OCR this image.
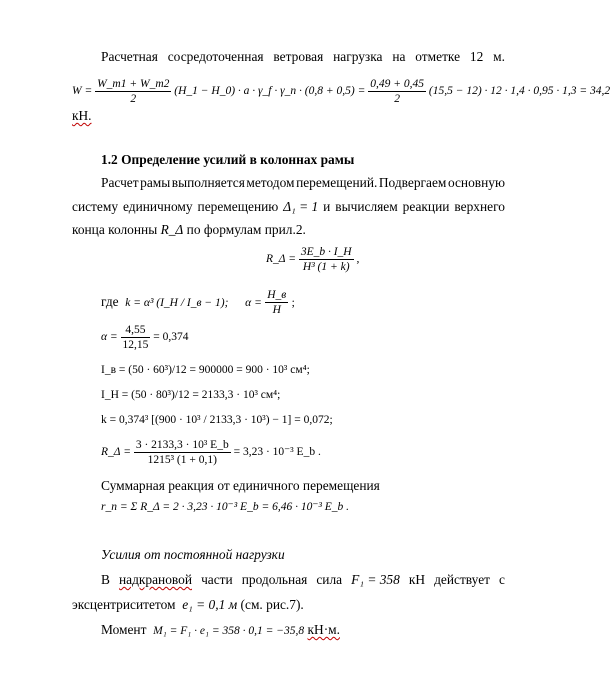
Расчетная сосредоточенная ветровая нагрузка на отметке 12 м.
$W = \frac{W\_m1 + W\_m2}{2}$ (H_1 − H_0) · a · γ_f · γ_n · $(0,8 + 0,5) = \frac{0,49 + 0,45}{2} (15,5 - 12) \cdot 12 \cdot 1,4 \cdot 0,95 \cdot 1,3 = 34,2$
кН.
1.2 Определение усилий в колоннах рамы
Расчет рамы выполняется методом перемещений. Подвергаем основную
систему единичному перемещению Δ₁ = 1 и вычисляем реакции верхнего
конца колонны R_Δ по формулам прил.2.
R_Δ = $\frac{3E\_b \cdot I\_H}{\text{H³ (1 + k)}}$ ,
где k = α³ (I_H / I_в − 1); $\alpha = \frac{H\_в}{H}$ ;
$\alpha = \frac{4,55}{12,15} = 0,374$
I_в = (50 · 60³)/12 = 900000 = 900 · 10³ см⁴;
I_H = (50 · 80³)/12 = 2133,3 · 10³ см⁴;
k = 0,374³ [(900 · 10³ / 2133,3 · 10³) − 1] = 0,072;
R_Δ = $\frac{\text{3 · 2133,3 · 10³ E\_b}}{\text{1215³ (1 + 0,1)}} = 3,23 \cdot 10^{-3}$ E_b .
Суммарная реакция от единичного перемещения
r_n = Σ R_Δ = 2 · 3,23 · 10⁻³ E_b = 6,46 · 10⁻³ E_b .
Усилия от постоянной нагрузки
В надкрановой части продольная сила F₁ = 358 кН действует с
эксцентриситетом e₁ = 0,1 м (см. рис.7).
Момент M₁ = F₁ · e₁ = 358 · 0,1 = −35,8 кН·м.
